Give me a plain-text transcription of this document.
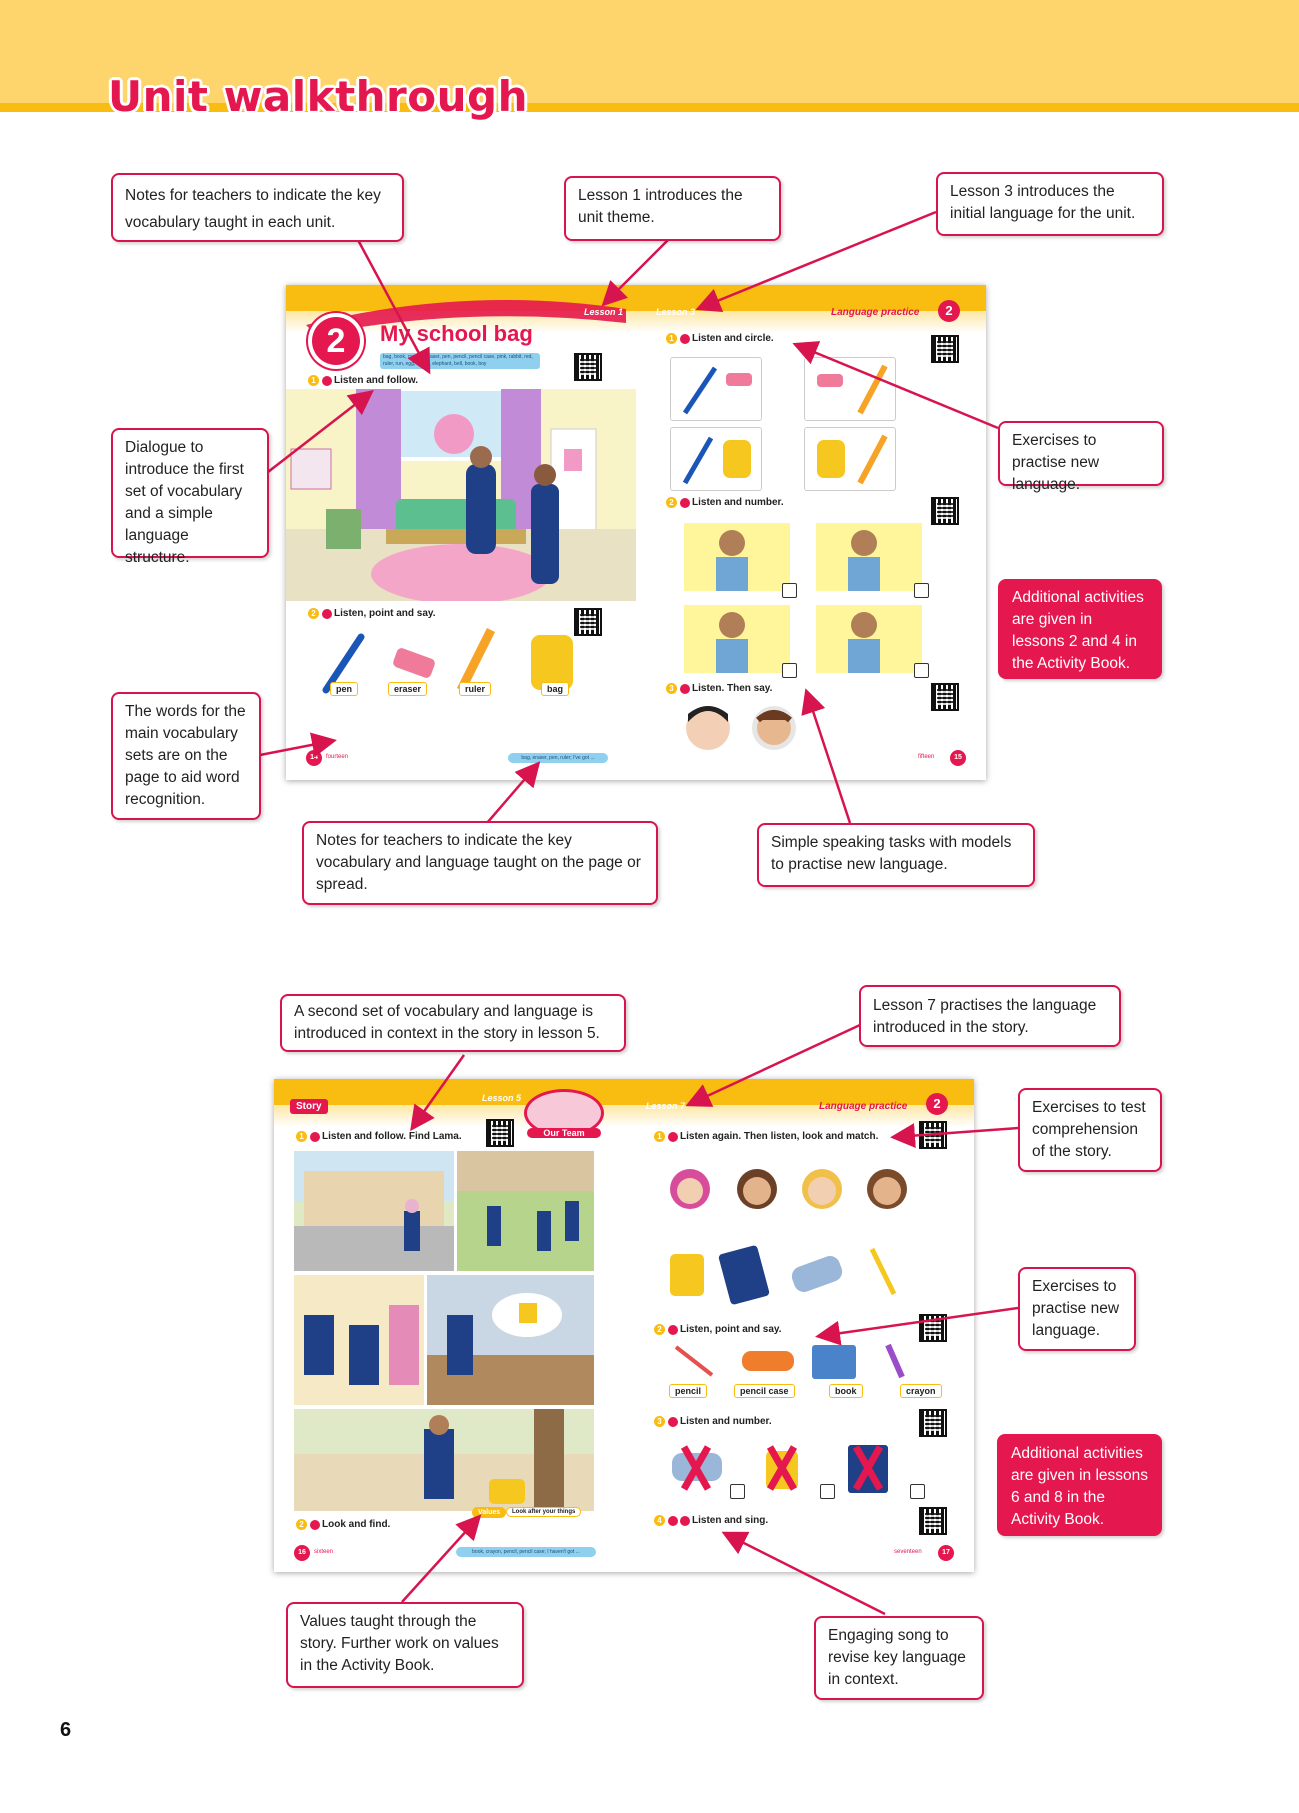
Unit walkthrough
Lesson 1	Lesson 3	Language practice	2
2	My school bag
bag, book, crayon, eraser, pen, pencil, pencil case, pink, rabbit, red, ruler, run, egg, elbow, elephant, bell, book, boy
1 Listen and follow.
2 Listen, point and say.
pen	eraser	ruler	bag
14	fourteen	bag, eraser, pen, ruler; I've got ...
1 Listen and circle.
2 Listen and number.
3 Listen. Then say.
15
fifteen
Story
Lesson 5
Lesson 7	Language practice	2
Our Team
1 Listen and follow. Find Lama.
2 Look and find.
Values	Look after your things
16	sixteen	book, crayon, pencil, pencil case; I haven't got ...
1 Listen again. Then listen, look and match.
2 Listen, point and say.
pencil	pencil case	book	crayon
3 Listen and number.
4	Listen and sing.
17
seventeen
Notes for teachers to indicate the key vocabulary taught in each unit.
Lesson 1 introduces the unit theme.
Lesson 3 introduces the initial language for the unit.
Dialogue to introduce the first set of vocabulary and a simple language structure.
Exercises to practise new language.
Additional activities are given in lessons 2 and 4 in the Activity Book.
The words for the main vocabulary sets are on the page to aid word recognition.
Notes for teachers to indicate the key vocabulary and language taught on the page or spread.
Simple speaking tasks with models to practise new language.
A second set of vocabulary and language is introduced in context in the story in lesson 5.
Lesson 7 practises the language introduced in the story.
Exercises to test comprehension of the story.
Exercises to practise new language.
Additional activities are given in lessons 6 and 8 in the Activity Book.
Values taught through the story. Further work on values in the Activity Book.
Engaging song to revise key language in context.
6
